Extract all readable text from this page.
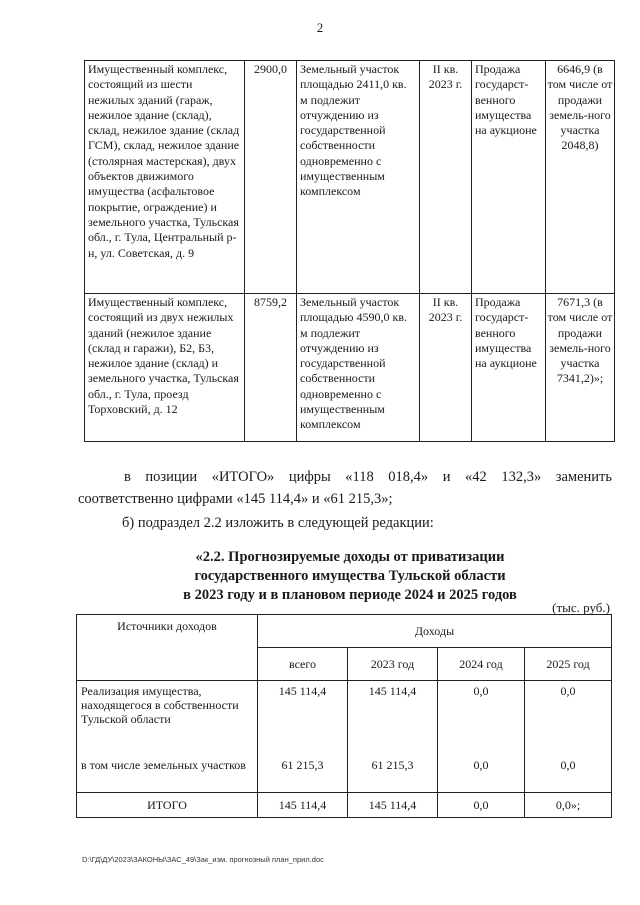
2
Имущественный комплекс, состоящий из шести нежилых зданий (гараж, нежилое здание (склад), склад, нежилое здание (склад ГСМ), склад, нежилое здание (столярная мастерская), двух объектов движимого имущества (асфальтовое покрытие, ограждение) и земельного участка, Тульская обл., г. Тула, Центральный р-н, ул. Советская, д. 9	2900,0	Земельный участок площадью 2411,0 кв. м подлежит отчуждению из государственной собственности одновременно с имущественным комплексом	II кв. 2023 г.	Продажа государст-венного имущества на аукционе	6646,9 (в том числе от продажи земель-ного участка 2048,8)
Имущественный комплекс, состоящий из двух нежилых зданий (нежилое здание (склад и гаражи), Б2, Б3, нежилое здание (склад) и земельного участка, Тульская обл., г. Тула, проезд Торховский, д. 12	8759,2	Земельный участок площадью 4590,0 кв. м подлежит отчуждению из государственной собственности одновременно с имущественным комплексом	II кв. 2023 г.	Продажа государст-венного имущества на аукционе	7671,3 (в том числе от продажи земель-ного участка 7341,2)»;
в позиции «ИТОГО» цифры «118 018,4» и «42 132,3» заменить соответственно цифрами «145 114,4» и «61 215,3»;
б) подраздел 2.2 изложить в следующей редакции:
«2.2. Прогнозируемые доходы от приватизации
государственного имущества Тульской области
в 2023 году и в плановом периоде 2024 и 2025 годов
(тыс. руб.)
Источники доходов	Доходы			
	всего	2023 год	2024 год	2025 год
Реализация имущества, находящегося в собственности Тульской области	145 114,4	145 114,4	0,0	0,0
в том числе земельных участков	61 215,3	61 215,3	0,0	0,0
ИТОГО	145 114,4	145 114,4	0,0	0,0»;
D:\ГД\ДУ\2023\ЗАКОНЫ\ЗАС_49\Зак_изм. прогнозный план_прил.doc
